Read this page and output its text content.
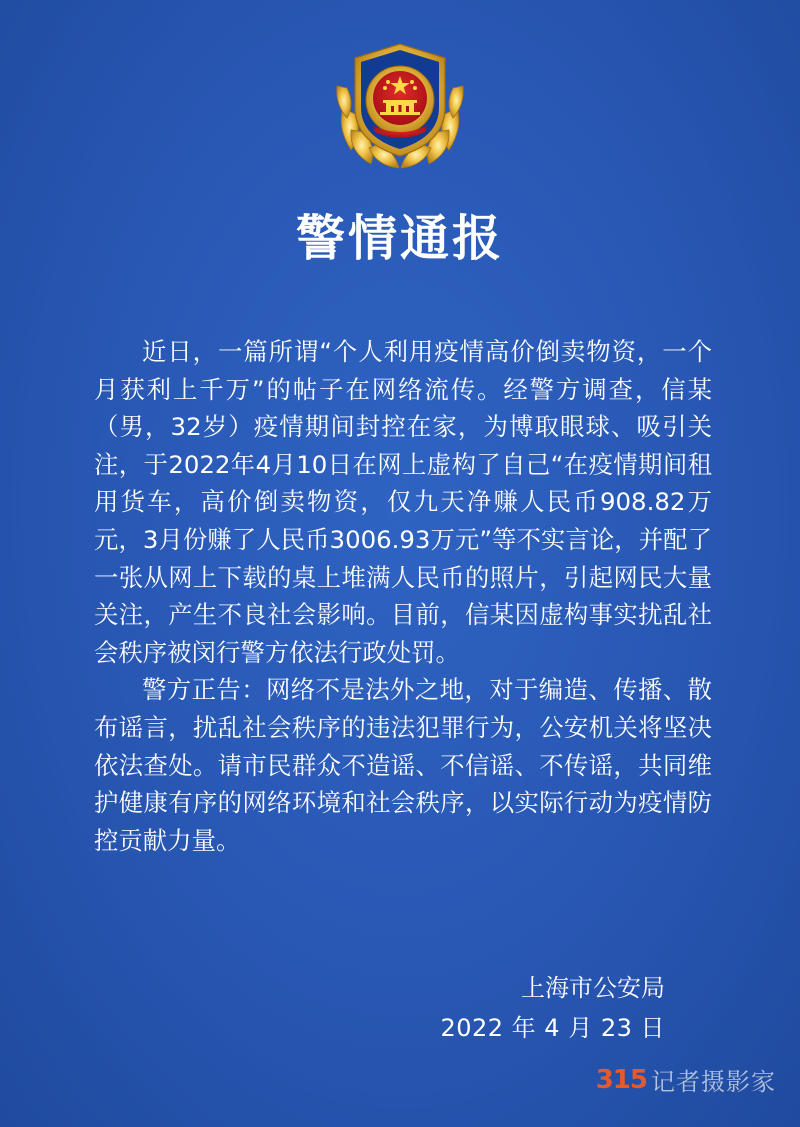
警情通报

近日，一篇所谓“个人利用疫情高价倒卖物资，一个月获利上千万”的帖子在网络流传。经警方调查，信某（男，32岁）疫情期间封控在家，为博取眼球、吸引关注，于2022年4月10日在网上虚构了自己“在疫情期间租用货车，高价倒卖物资，仅九天净赚人民币908.82万元，3月份赚了人民币3006.93万元”等不实言论，并配了一张从网上下载的桌上堆满人民币的照片，引起网民大量关注，产生不良社会影响。目前，信某因虚构事实扰乱社会秩序被闵行警方依法行政处罚。

警方正告：网络不是法外之地，对于编造、传播、散布谣言，扰乱社会秩序的违法犯罪行为，公安机关将坚决依法查处。请市民群众不造谣、不信谣、不传谣，共同维护健康有序的网络环境和社会秩序，以实际行动为疫情防控贡献力量。

上海市公安局
2022 年 4 月 23 日
315 记者摄影家
